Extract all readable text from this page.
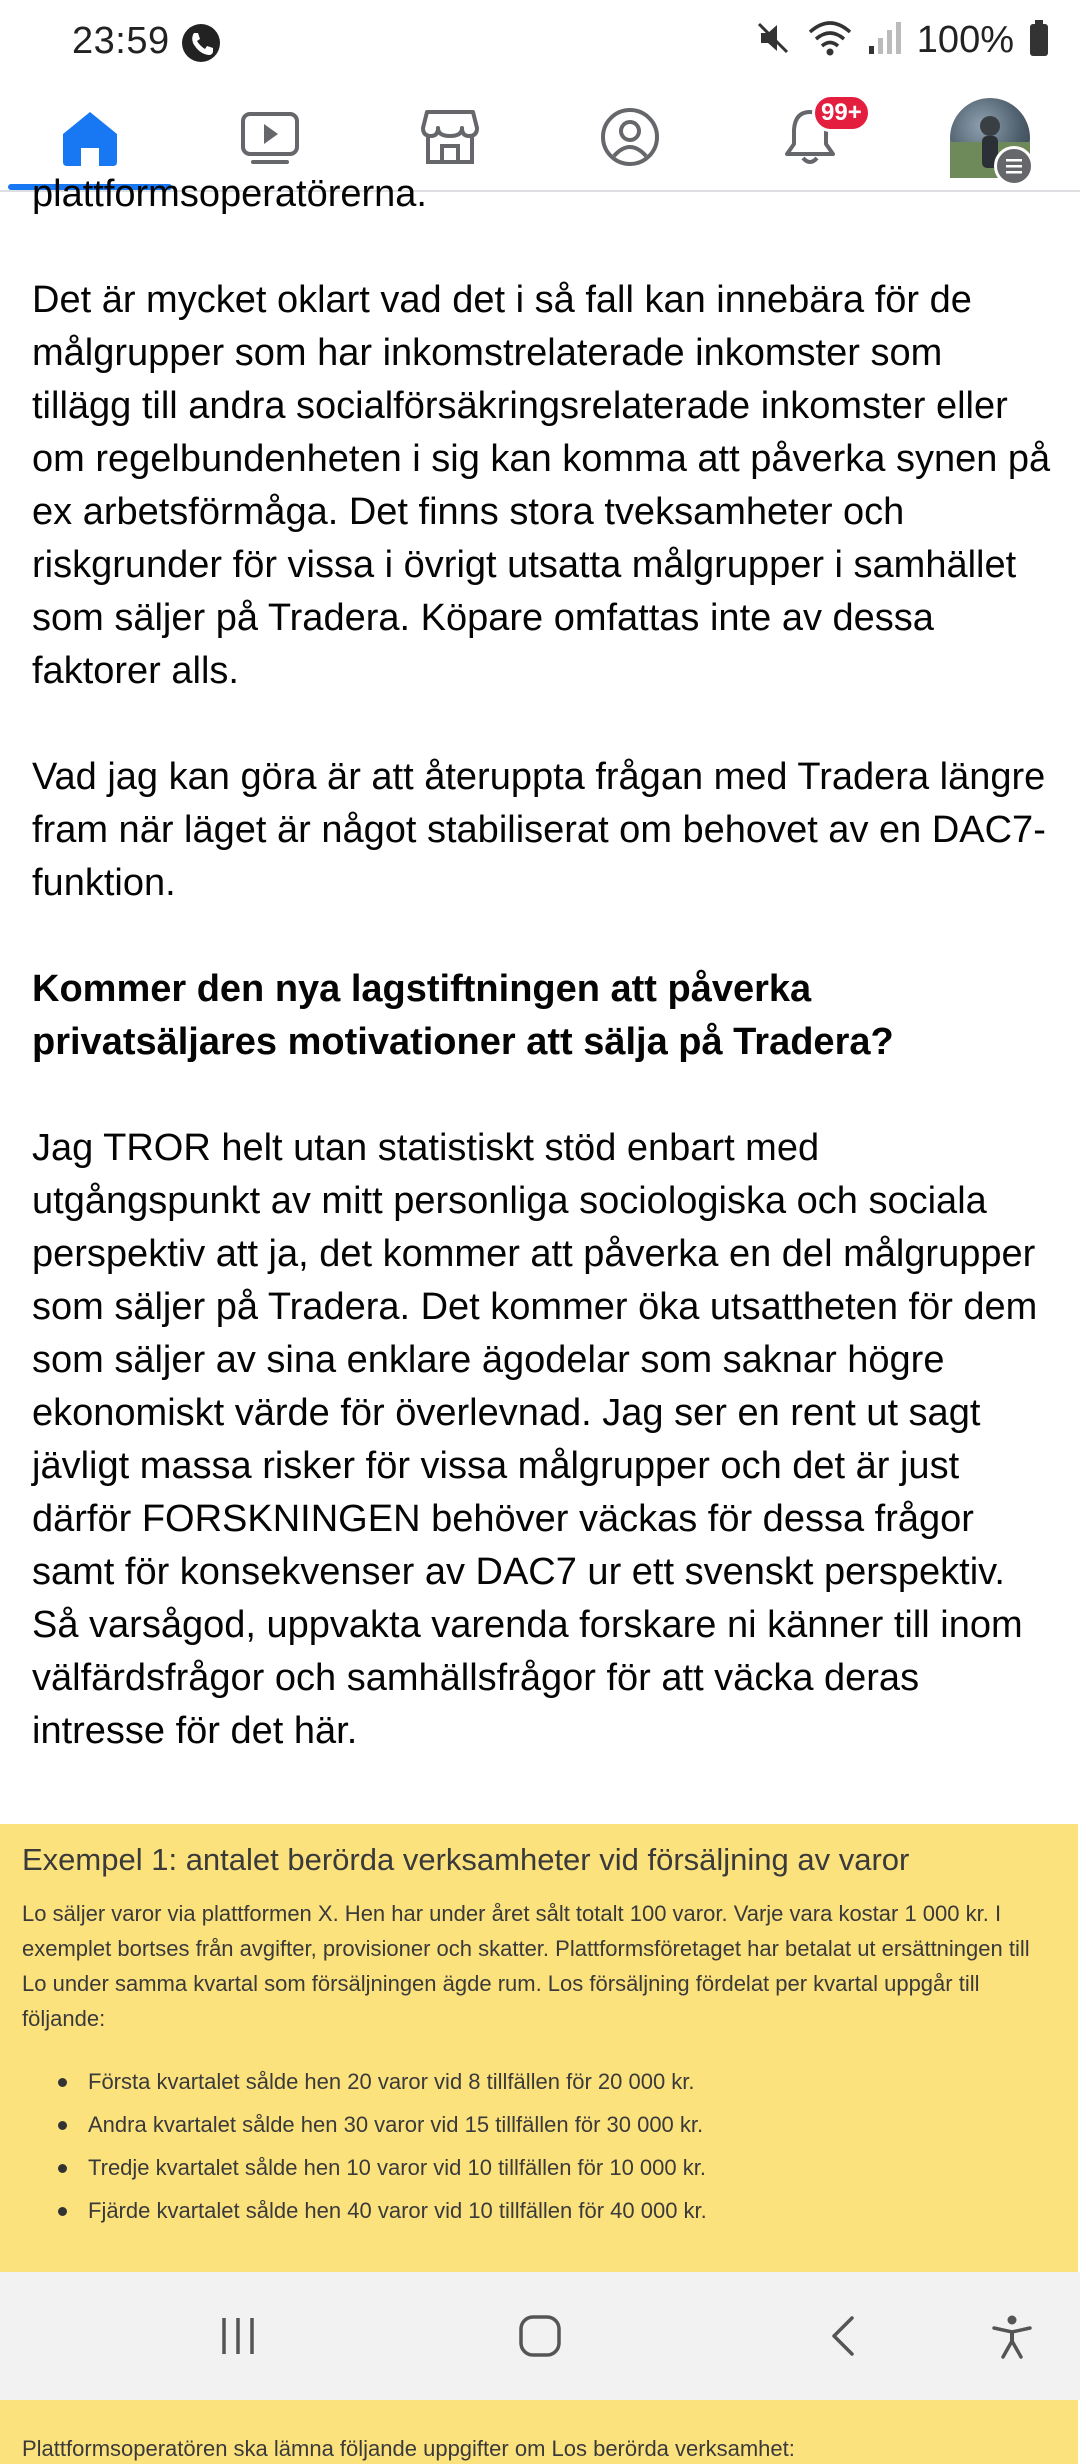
23:59	100%
99+

plattformsoperatörerna.

Det är mycket oklart vad det i så fall kan innebära för de målgrupper som har inkomstrelaterade inkomster som tillägg till andra socialförsäkringsrelaterade inkomster eller om regelbundenheten i sig kan komma att påverka synen på ex arbetsförmåga. Det finns stora tveksamheter och riskgrunder för vissa i övrigt utsatta målgrupper i samhället som säljer på Tradera. Köpare omfattas inte av dessa faktorer alls.

Vad jag kan göra är att återuppta frågan med Tradera längre fram när läget är något stabiliserat om behovet av en DAC7-funktion.

Kommer den nya lagstiftningen att påverka privatsäljares motivationer att sälja på Tradera?

Jag TROR helt utan statistiskt stöd enbart med utgångspunkt av mitt personliga sociologiska och sociala perspektiv att ja, det kommer att påverka en del målgrupper som säljer på Tradera. Det kommer öka utsattheten för dem som säljer av sina enklare ägodelar som saknar högre ekonomiskt värde för överlevnad. Jag ser en rent ut sagt jävligt massa risker för vissa målgrupper och det är just därför FORSKNINGEN behöver väckas för dessa frågor samt för konsekvenser av DAC7 ur ett svenskt perspektiv. Så varsågod, uppvakta varenda forskare ni känner till inom välfärdsfrågor och samhällsfrågor för att väcka deras intresse för det här.

Exempel 1: antalet berörda verksamheter vid försäljning av varor
Lo säljer varor via plattformen X. Hen har under året sålt totalt 100 varor. Varje vara kostar 1 000 kr. I exemplet bortses från avgifter, provisioner och skatter. Plattformsföretaget har betalat ut ersättningen till Lo under samma kvartal som försäljningen ägde rum. Los försäljning fördelat per kvartal uppgår till följande:
Första kvartalet sålde hen 20 varor vid 8 tillfällen för 20 000 kr.
Andra kvartalet sålde hen 30 varor vid 15 tillfällen för 30 000 kr.
Tredje kvartalet sålde hen 10 varor vid 10 tillfällen för 10 000 kr.
Fjärde kvartalet sålde hen 40 varor vid 10 tillfällen för 40 000 kr.
Plattformsoperatören ska lämna följande uppgifter om Los berörda verksamhet:
